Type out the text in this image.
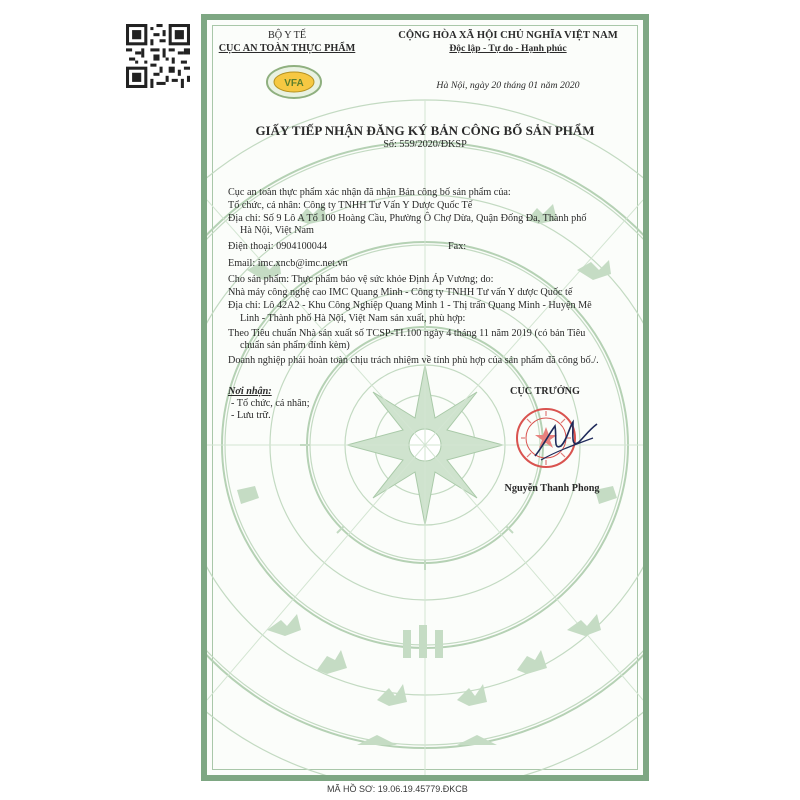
BỘ Y TẾ
CỤC AN TOÀN THỰC PHẨM
VFA
CỘNG HÒA XÃ HỘI CHỦ NGHĨA VIỆT NAM
Độc lập - Tự do - Hạnh phúc
Hà Nội, ngày 20 tháng 01 năm 2020
GIẤY TIẾP NHẬN ĐĂNG KÝ BẢN CÔNG BỐ SẢN PHẨM
Số: 559/2020/ĐKSP
Cục an toàn thực phẩm xác nhận đã nhận Bản công bố sản phẩm của:
Tổ chức, cá nhân: Công ty TNHH Tư Vấn Y Dược Quốc Tế
Địa chỉ: Số 9 Lô A Tổ 100 Hoàng Cầu, Phường Ô Chợ Dừa, Quận Đống Đa, Thành phố
Hà Nội, Việt Nam
Điện thoại: 0904100044	Fax:
Email: imc.xncb@imc.net.vn
Cho sản phẩm: Thực phẩm bảo vệ sức khỏe Định Áp Vương; do:
Nhà máy công nghệ cao IMC Quang Minh - Công ty TNHH Tư vấn Y dược Quốc tế
Địa chỉ: Lô 42A2 - Khu Công Nghiệp Quang Minh 1 - Thị trấn Quang Minh - Huyện Mê
Linh - Thành phố Hà Nội, Việt Nam sản xuất, phù hợp:
Theo Tiêu chuẩn Nhà sản xuất số TCSP-TI.100 ngày 4 tháng 11 năm 2019 (có bản Tiêu
chuẩn sản phẩm đính kèm)
Doanh nghiệp phải hoàn toàn chịu trách nhiệm về tính phù hợp của sản phẩm đã công bố./.
Nơi nhận:
- Tổ chức, cá nhân;
- Lưu trữ.
CỤC TRƯỞNG
Nguyễn Thanh Phong
MÃ HỒ SƠ: 19.06.19.45779.ĐKCB
